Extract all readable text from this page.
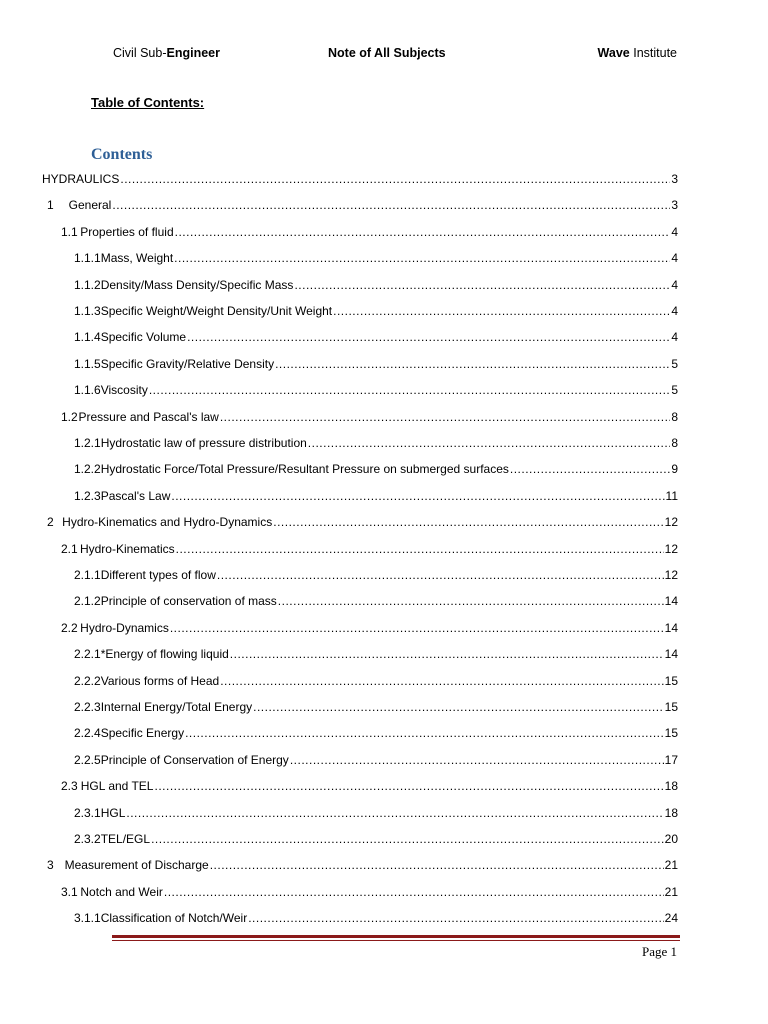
Civil Sub-Engineer	Note of All Subjects	Wave Institute
Table of Contents:
Contents
HYDRAULICS .....	3
1	General .....	3
1.1 Properties of fluid .....	4
1.1.1 Mass, Weight .....	4
1.1.2 Density/Mass Density/Specific Mass .....	4
1.1.3 Specific Weight/Weight Density/Unit Weight .....	4
1.1.4 Specific Volume .....	4
1.1.5 Specific Gravity/Relative Density .....	5
1.1.6 Viscosity .....	5
1.2 Pressure and Pascal's law .....	8
1.2.1 Hydrostatic law of pressure distribution .....	8
1.2.2 Hydrostatic Force/Total Pressure/Resultant Pressure on submerged surfaces .....	9
1.2.3 Pascal's Law .....	11
2 Hydro-Kinematics and Hydro-Dynamics .....	12
2.1 Hydro-Kinematics .....	12
2.1.1 Different types of flow .....	12
2.1.2 Principle of conservation of mass .....	14
2.2 Hydro-Dynamics .....	14
2.2.1 *Energy of flowing liquid .....	14
2.2.2 Various forms of Head .....	15
2.2.3 Internal Energy/Total Energy .....	15
2.2.4 Specific Energy .....	15
2.2.5 Principle of Conservation of Energy .....	17
2.3 HGL and TEL .....	18
2.3.1 HGL .....	18
2.3.2 TEL/EGL .....	20
3 Measurement of Discharge .....	21
3.1 Notch and Weir .....	21
3.1.1 Classification of Notch/Weir .....	24
Page 1
